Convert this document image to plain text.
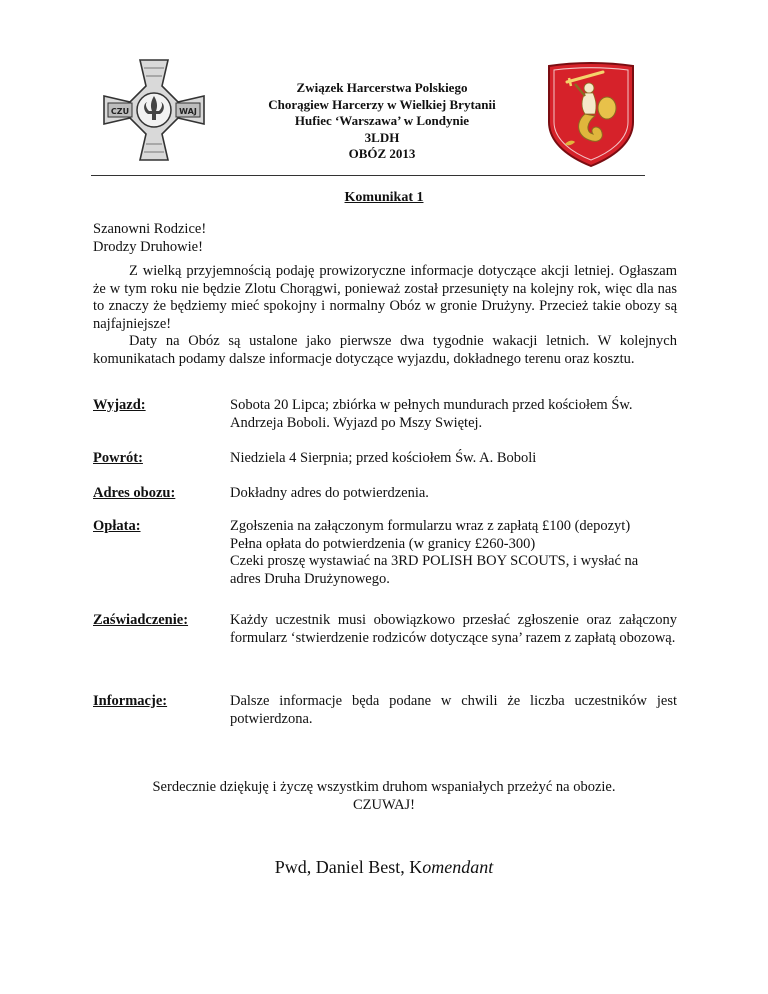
CZU	WAJ
Związek Harcerstwa Polskiego
Chorągiew Harcerzy w Wielkiej Brytanii
Hufiec ‘Warszawa’ w Londynie
3LDH
OBÓZ 2013
Komunikat 1
Szanowni Rodzice!
Drodzy Druhowie!

Z wielką przyjemnością podaję prowizoryczne informacje dotyczące akcji letniej. Ogłaszam że w tym roku nie będzie Zlotu Chorągwi, ponieważ został przesunięty na kolejny rok, więc dla nas to znaczy że będziemy mieć spokojny i normalny Obóz w gronie Drużyny. Przecież takie obozy są najfajniejsze!

Daty na Obóz są ustalone jako pierwsze dwa tygodnie wakacji letnich. W kolejnych komunikatach podamy dalsze informacje dotyczące wyjazdu, dokładnego terenu oraz kosztu.

Wyjazd:	Sobota 20 Lipca; zbiórka w pełnych mundurach przed kościołem Św.
Andrzeja Boboli. Wyjazd po Mszy Swiętej.
Powrót:	Niedziela 4 Sierpnia; przed kościołem Św. A. Boboli
Adres obozu:	Dokładny adres do potwierdzenia.
Opłata:	Zgołszenia na załączonym formularzu wraz z zapłatą £100 (depozyt)
Pełna opłata do potwierdzenia (w granicy £260-300)
Czeki proszę wystawiać na 3RD POLISH BOY SCOUTS, i wysłać na
adres Druha Drużynowego.
Zaświadczenie:	Każdy uczestnik musi obowiązkowo przesłać zgłoszenie oraz załączony formularz ‘stwierdzenie rodziców dotyczące syna’ razem z zapłatą obozową.
Informacje:	Dalsze informacje będa podane w chwili że liczba uczestników jest potwierdzona.
Serdecznie dziękuję i życzę wszystkim druhom wspaniałych przeżyć na obozie.
CZUWAJ!
Pwd, Daniel Best, Komendant
